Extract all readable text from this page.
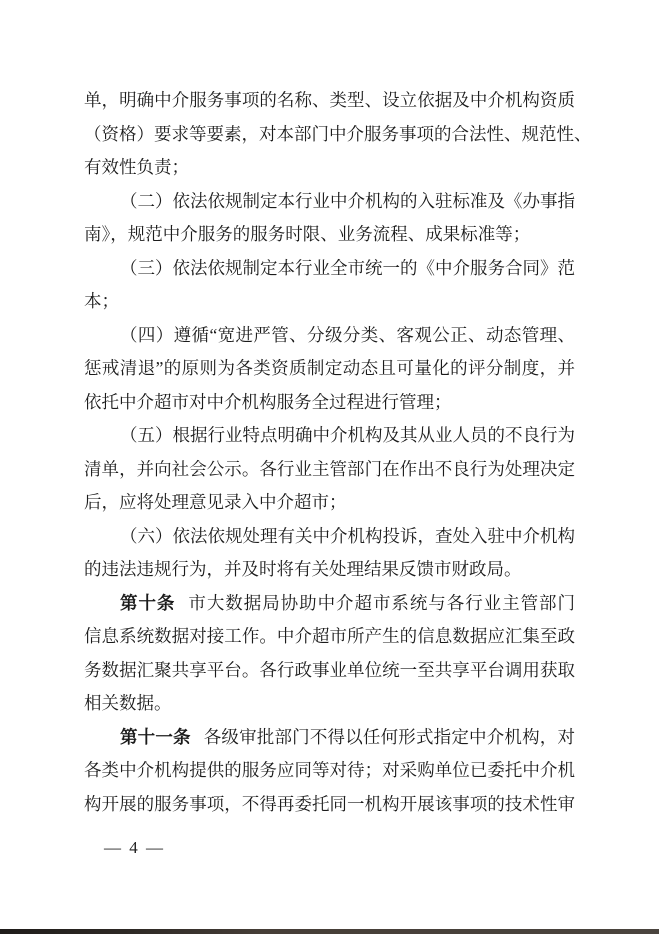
单，明确中介服务事项的名称、类型、设立依据及中介机构资质
（资格）要求等要素，对本部门中介服务事项的合法性、规范性、
有效性负责；
（二）依法依规制定本行业中介机构的入驻标准及《办事指
南》，规范中介服务的服务时限、业务流程、成果标准等；
（三）依法依规制定本行业全市统一的《中介服务合同》范
本；
（四）遵循“宽进严管、分级分类、客观公正、动态管理、
惩戒清退”的原则为各类资质制定动态且可量化的评分制度，并
依托中介超市对中介机构服务全过程进行管理；
（五）根据行业特点明确中介机构及其从业人员的不良行为
清单，并向社会公示。各行业主管部门在作出不良行为处理决定
后，应将处理意见录入中介超市；
（六）依法依规处理有关中介机构投诉，查处入驻中介机构
的违法违规行为，并及时将有关处理结果反馈市财政局。
第十条 市大数据局协助中介超市系统与各行业主管部门
信息系统数据对接工作。中介超市所产生的信息数据应汇集至政
务数据汇聚共享平台。各行政事业单位统一至共享平台调用获取
相关数据。
第十一条 各级审批部门不得以任何形式指定中介机构，对
各类中介机构提供的服务应同等对待；对采购单位已委托中介机
构开展的服务事项，不得再委托同一机构开展该事项的技术性审
— 4 —
